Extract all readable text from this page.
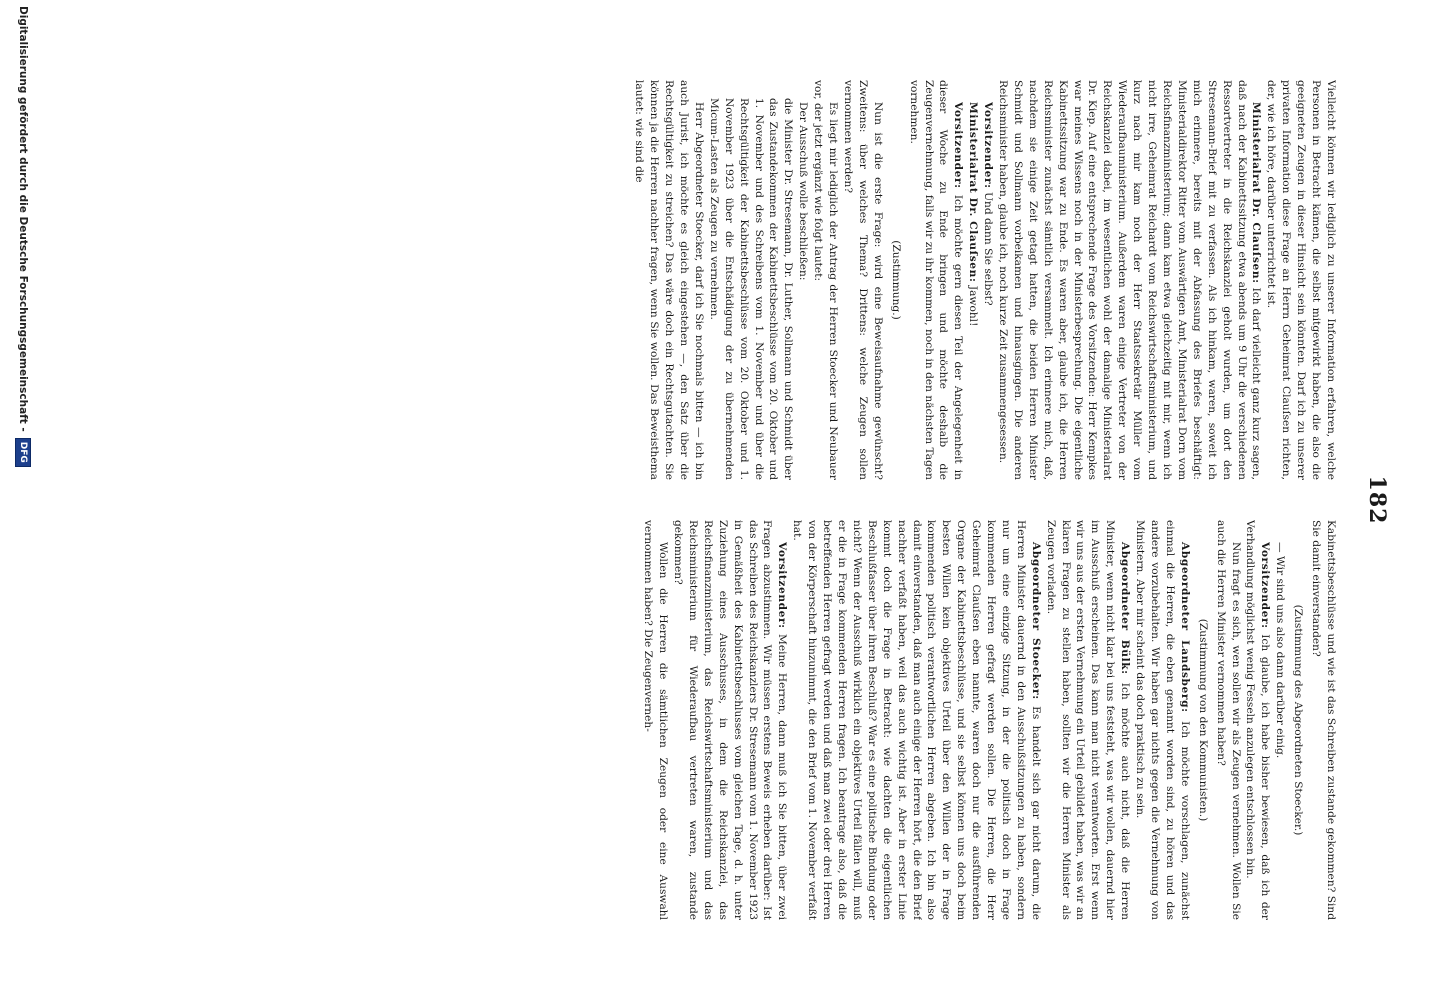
182

Vielleicht können wir lediglich zu unserer Information erfahren, welche Personen in Betracht kämen, die selbst mitgewirkt haben, die also die geeigneten Zeugen in dieser Hinsicht sein könnten. Darf ich zu unserer privaten Information diese Frage an Herrn Geheimrat Clauſsen richten, der, wie ich höre, darüber unterrichtet ist.

Ministerialrat Dr. Clauſsen: Ich darf vielleicht ganz kurz sagen, daß nach der Kabinettssitzung etwa abends um 9 Uhr die verschiedenen Ressortvertreter in die Reichskanzlei geholt wurden, um dort den Stresemann-Brief mit zu verfassen. Als ich hinkam, waren, soweit ich mich erinnere, bereits mit der Abfassung des Briefes beschäftigt: Ministerialdirektor Ritter vom Auswärtigen Amt, Ministerialrat Dorn vom Reichsfinanzministerium; dann kam etwa gleichzeitig mit mir, wenn ich nicht irre, Geheimrat Reichardt vom Reichswirtschaftsministerium, und kurz nach mir kam noch der Herr Staatssekretär Müller vom Wiederaufbauministerium. Außerdem waren einige Vertreter von der Reichskanzlei dabei, im wesentlichen wohl der damalige Ministerialrat Dr. Kiep. Auf eine entsprechende Frage des Vorsitzenden: Herr Kempkes war meines Wissens noch in der Ministerbesprechung. Die eigentliche Kabinettssitzung war zu Ende. Es waren aber, glaube ich, die Herren Reichsminister zunächst sämtlich versammelt. Ich erinnere mich, daß, nachdem sie einige Zeit getagt hatten, die beiden Herren Minister Schmidt und Sollmann vorbeikamen und hinausgingen. Die anderen Reichsminister haben, glaube ich, noch kurze Zeit zusammengesessen.

Vorsitzender: Und dann Sie selbst?

Ministerialrat Dr. Clauſsen: Jawohl!

Vorsitzender: Ich möchte gern diesen Teil der Angelegenheit in dieser Woche zu Ende bringen und möchte deshalb die Zeugenvernehmung, falls wir zu ihr kommen, noch in den nächsten Tagen vornehmen.

(Zustimmung.)

Nun ist die erste Frage: wird eine Beweisaufnahme gewünscht? Zweitens: über welches Thema? Drittens: welche Zeugen sollen vernommen werden?

Es liegt mir lediglich der Antrag der Herren Stoecker und Neubauer vor, der jetzt ergänzt wie folgt lautet:

Der Ausschuß wolle beschließen:

die Minister Dr. Stresemann, Dr. Luther, Sollmann und Schmidt über das Zustandekommen der Kabinettsbeschlüsse vom 20. Oktober und 1. November und des Schreibens vom 1. November und über die Rechtsgültigkeit der Kabinettsbeschlüsse vom 20. Oktober und 1. November 1923 über die Entschädigung der zu übernehmenden Micum-Lasten als Zeugen zu vernehmen.

Herr Abgeordneter Stoecker, darf ich Sie nochmals bitten — ich bin auch Jurist, ich möchte es gleich eingestehen —, den Satz über die Rechtsgültigkeit zu streichen? Das wäre doch ein Rechtsgutachten. Sie können ja die Herren nachher fragen, wenn Sie wollen. Das Beweisthema lautet: wie sind die

Kabinettsbeschlüsse und wie ist das Schreiben zustande gekommen? Sind Sie damit einverstanden?

(Zustimmung des Abgeordneten Stoecker.)

— Wir sind uns also dann darüber einig.

Vorsitzender: Ich glaube, ich habe bisher bewiesen, daß ich der Verhandlung möglichst wenig Fesseln anzulegen entschlossen bin.

Nun fragt es sich, wen sollen wir als Zeugen vernehmen. Wollen Sie auch die Herren Minister vernommen haben?

(Zustimmung von den Kommunisten.)

Abgeordneter Landsberg: Ich möchte vorschlagen, zunächst einmal die Herren, die eben genannt worden sind, zu hören und das andere vorzubehalten. Wir haben gar nichts gegen die Vernehmung von Ministern. Aber mir scheint das doch praktisch zu sein.

Abgeordneter Bülk: Ich möchte auch nicht, daß die Herren Minister, wenn nicht klar bei uns feststeht, was wir wollen, dauernd hier im Ausschuß erscheinen. Das kann man nicht verantworten. Erst wenn wir uns aus der ersten Vernehmung ein Urteil gebildet haben, was wir an klaren Fragen zu stellen haben, sollten wir die Herren Minister als Zeugen vorladen.

Abgeordneter Stoecker: Es handelt sich gar nicht darum, die Herren Minister dauernd in den Ausschußsitzungen zu haben, sondern nur um eine einzige Sitzung, in der die politisch doch in Frage kommenden Herren gefragt werden sollen. Die Herren, die Herr Geheimrat Clauſsen eben nannte, waren doch nur die ausführenden Organe der Kabinettsbeschlüsse, und sie selbst können uns doch beim besten Willen kein objektives Urteil über den Willen der in Frage kommenden politisch verantwortlichen Herren abgeben. Ich bin also damit einverstanden, daß man auch einige der Herren hört, die den Brief nachher verfaßt haben, weil das auch wichtig ist. Aber in erster Linie kommt doch die Frage in Betracht: wie dachten die eigentlichen Beschlußfasser über ihren Beschluß? War es eine politische Bindung oder nicht? Wenn der Ausschuß wirklich ein objektives Urteil fällen will, muß er die in Frage kommenden Herren fragen. Ich beantrage also, daß die betreffenden Herren gefragt werden und daß man zwei oder drei Herren von der Körperschaft hinzunimmt, die den Brief vom 1. November verfaßt hat.

Vorsitzender: Meine Herren, dann muß ich Sie bitten, über zwei Fragen abzustimmen. Wir müssen erstens Beweis erheben darüber: Ist das Schreiben des Reichskanzlers Dr. Stresemann vom 1. November 1923 in Gemäßheit des Kabinettsbeschlusses vom gleichen Tage, d. h. unter Zuziehung eines Ausschusses, in dem die Reichskanzlei, das Reichsfinanzministerium, das Reichswirtschaftsministerium und das Reichsministerium für Wiederaufbau vertreten waren, zustande gekommen?

Wollen die Herren die sämtlichen Zeugen oder eine Auswahl vernommen haben? Die Zeugenverneh-

Digitalisierung gefördert durch die Deutsche Forschungsgemeinschaft -
DFG
